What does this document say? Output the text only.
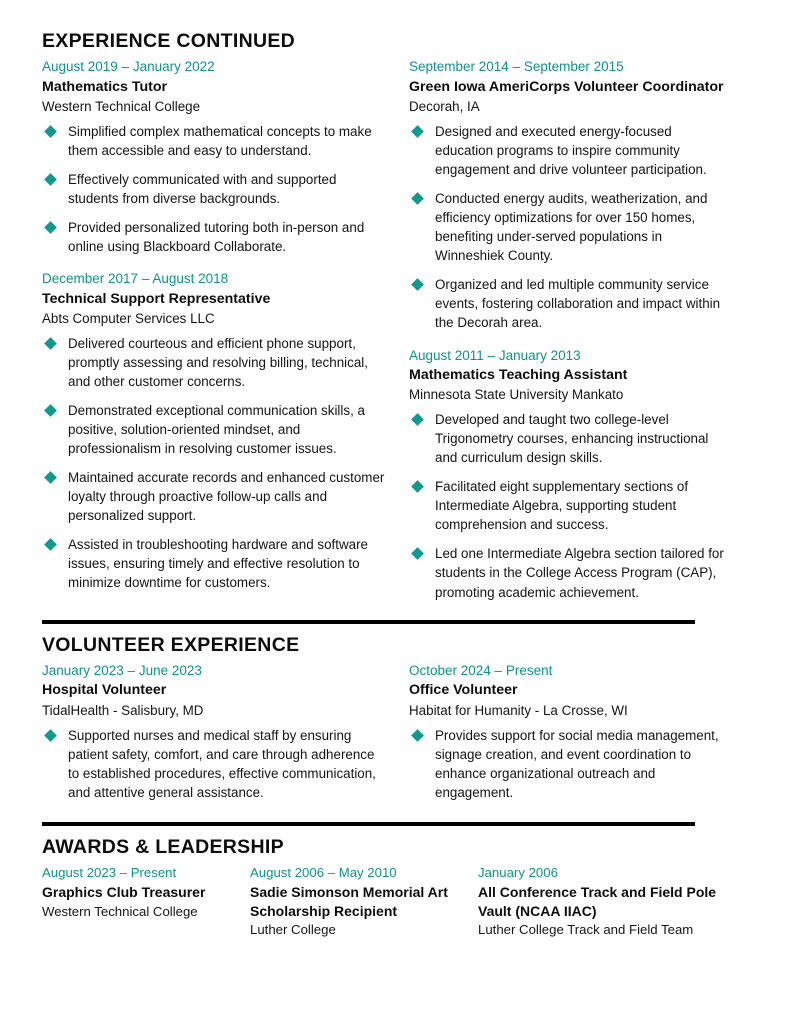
EXPERIENCE CONTINUED
August 2019 – January 2022
Mathematics Tutor
Western Technical College
Simplified complex mathematical concepts to make them accessible and easy to understand.
Effectively communicated with and supported students from diverse backgrounds.
Provided personalized tutoring both in-person and online using Blackboard Collaborate.
December 2017 – August 2018
Technical Support Representative
Abts Computer Services LLC
Delivered courteous and efficient phone support, promptly assessing and resolving billing, technical, and other customer concerns.
Demonstrated exceptional communication skills, a positive, solution-oriented mindset, and professionalism in resolving customer issues.
Maintained accurate records and enhanced customer loyalty through proactive follow-up calls and personalized support.
Assisted in troubleshooting hardware and software issues, ensuring timely and effective resolution to minimize downtime for customers.
September 2014 – September 2015
Green Iowa AmeriCorps Volunteer Coordinator
Decorah, IA
Designed and executed energy-focused education programs to inspire community engagement and drive volunteer participation.
Conducted energy audits, weatherization, and efficiency optimizations for over 150 homes, benefiting under-served populations in Winneshiek County.
Organized and led multiple community service events, fostering collaboration and impact within the Decorah area.
August 2011 – January 2013
Mathematics Teaching Assistant
Minnesota State University Mankato
Developed and taught two college-level Trigonometry courses, enhancing instructional and curriculum design skills.
Facilitated eight supplementary sections of Intermediate Algebra, supporting student comprehension and success.
Led one Intermediate Algebra section tailored for students in the College Access Program (CAP), promoting academic achievement.
VOLUNTEER EXPERIENCE
January 2023 – June 2023
Hospital Volunteer
TidalHealth - Salisbury, MD
Supported nurses and medical staff by ensuring patient safety, comfort, and care through adherence to established procedures, effective communication, and attentive general assistance.
October 2024 – Present
Office Volunteer
Habitat for Humanity - La Crosse, WI
Provides support for social media management, signage creation, and event coordination to enhance organizational outreach and engagement.
AWARDS & LEADERSHIP
August 2023 – Present
Graphics Club Treasurer
Western Technical College
August 2006 – May 2010
Sadie Simonson Memorial Art Scholarship Recipient
Luther College
January 2006
All Conference Track and Field Pole Vault (NCAA IIAC)
Luther College Track and Field Team
